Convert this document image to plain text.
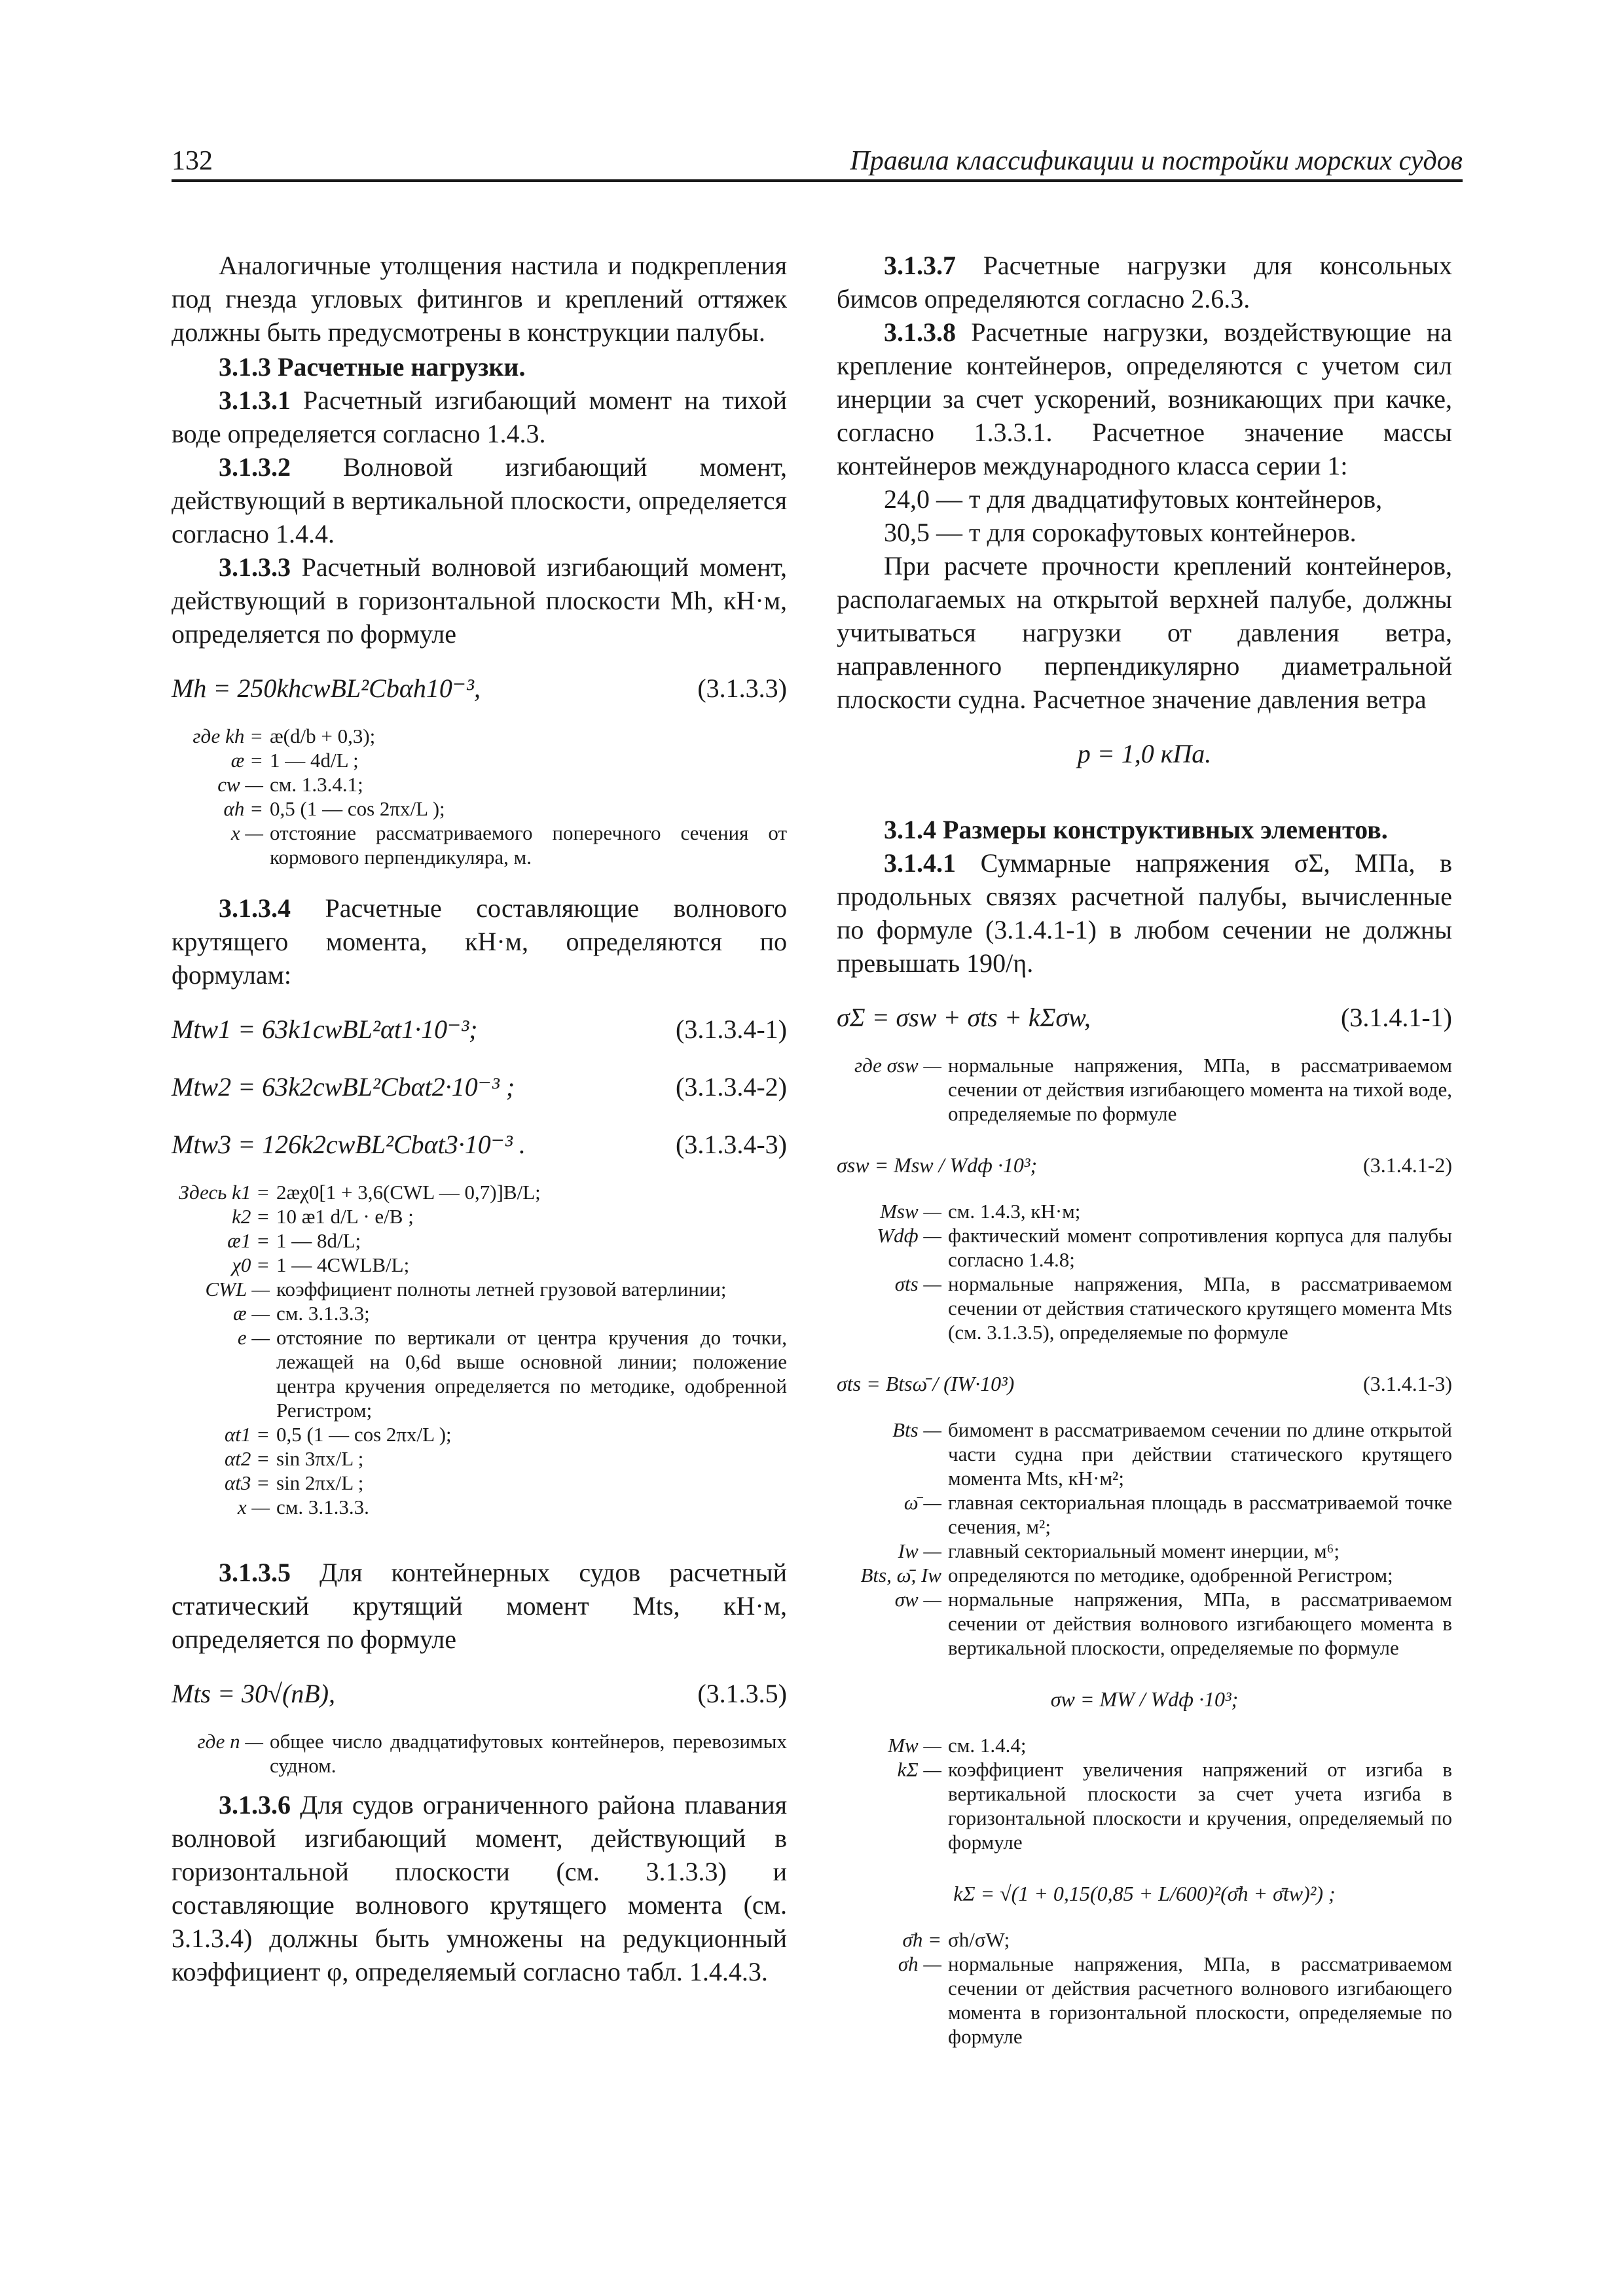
132	Правила классификации и постройки морских судов

Аналогичные утолщения настила и подкрепления под гнезда угловых фитингов и креплений оттяжек должны быть предусмотрены в конструкции палубы.

3.1.3 Расчетные нагрузки.

3.1.3.1 Расчетный изгибающий момент на тихой воде определяется согласно 1.4.3.

3.1.3.2 Волновой изгибающий момент, действующий в вертикальной плоскости, определяется согласно 1.4.4.

3.1.3.3 Расчетный волновой изгибающий момент, действующий в горизонтальной плоскости Mh, кН·м, определяется по формуле

Mh = 250khcwBL²Cbαh10⁻³,	(3.1.3.3)
где kh = æ(d/b + 0,3);
æ = 1 — 4d/L ;
cw — см. 1.3.4.1;
αh = 0,5 (1 — cos 2πx/L );
x — отстояние рассматриваемого поперечного сечения от кормового перпендикуляра, м.

3.1.3.4 Расчетные составляющие волнового крутящего момента, кН·м, определяются по формулам:

Mtw1 = 63k1cwBL²αt1·10⁻³;	(3.1.3.4-1)
Mtw2 = 63k2cwBL²Cbαt2·10⁻³ ;	(3.1.3.4-2)
Mtw3 = 126k2cwBL²Cbαt3·10⁻³ .	(3.1.3.4-3)
Здесь k1 = 2æχ0[1 + 3,6(CWL — 0,7)]B/L;
k2 = 10 æ1 d/L · e/B ;
æ1 = 1 — 8d/L;
χ0 = 1 — 4CWLB/L;
CWL — коэффициент полноты летней грузовой ватерлинии;
æ — см. 3.1.3.3;
e — отстояние по вертикали от центра кручения до точки, лежащей на 0,6d выше основной линии; положение центра кручения определяется по методике, одобренной Регистром;
αt1 = 0,5 (1 — cos 2πx/L );
αt2 = sin 3πx/L ;
αt3 = sin 2πx/L ;
x — см. 3.1.3.3.

3.1.3.5 Для контейнерных судов расчетный статический крутящий момент Mts, кН·м, определяется по формуле

Mts = 30√(nB),	(3.1.3.5)
где n — общее число двадцатифутовых контейнеров, перевозимых судном.

3.1.3.6 Для судов ограниченного района плавания волновой изгибающий момент, действующий в горизонтальной плоскости (см. 3.1.3.3) и составляющие волнового крутящего момента (см. 3.1.3.4) должны быть умножены на редукционный коэффициент φ, определяемый согласно табл. 1.4.4.3.

3.1.3.7 Расчетные нагрузки для консольных бимсов определяются согласно 2.6.3.

3.1.3.8 Расчетные нагрузки, воздействующие на крепление контейнеров, определяются с учетом сил инерции за счет ускорений, возникающих при качке, согласно 1.3.3.1. Расчетное значение массы контейнеров международного класса серии 1:

24,0 — т для двадцатифутовых контейнеров,

30,5 — т для сорокафутовых контейнеров.

При расчете прочности креплений контейнеров, располагаемых на открытой верхней палубе, должны учитываться нагрузки от давления ветра, направленного перпендикулярно диаметральной плоскости судна. Расчетное значение давления ветра

p = 1,0 кПа.

3.1.4 Размеры конструктивных элементов.

3.1.4.1 Суммарные напряжения σΣ, МПа, в продольных связях расчетной палубы, вычисленные по формуле (3.1.4.1-1) в любом сечении не должны превышать 190/η.

σΣ = σsw + σts + kΣσw,	(3.1.4.1-1)
где σsw — нормальные напряжения, МПа, в рассматриваемом сечении от действия изгибающего момента на тихой воде, определяемые по формуле
σsw = Msw / Wdф ·10³;	(3.1.4.1-2)
Msw — см. 1.4.3, кН·м;
Wdф — фактический момент сопротивления корпуса для палубы согласно 1.4.8;
σts — нормальные напряжения, МПа, в рассматриваемом сечении от действия статического крутящего момента Mts (см. 3.1.3.5), определяемые по формуле
σts = Btsω̄ / (IW·10³)	(3.1.4.1-3)
Bts — бимомент в рассматриваемом сечении по длине открытой части судна при действии статического крутящего момента Mts, кН·м²;
ω̄ — главная секториальная площадь в рассматриваемой точке сечения, м²;
Iw — главный секториальный момент инерции, м⁶;
Bts, ω̄, Iw определяются по методике, одобренной Регистром;
σw — нормальные напряжения, МПа, в рассматриваемом сечении от действия волнового изгибающего момента в вертикальной плоскости, определяемые по формуле
σw = MW / Wdф ·10³;
Mw — см. 1.4.4;
kΣ — коэффициент увеличения напряжений от изгиба в вертикальной плоскости за счет учета изгиба в горизонтальной плоскости и кручения, определяемый по формуле
kΣ = √(1 + 0,15(0,85 + L/600)²(σ̄h + σ̄tw)²) ;
σ̄h = σh/σW;
σh — нормальные напряжения, МПа, в рассматриваемом сечении от действия расчетного волнового изгибающего момента в горизонтальной плоскости, определяемые по формуле
